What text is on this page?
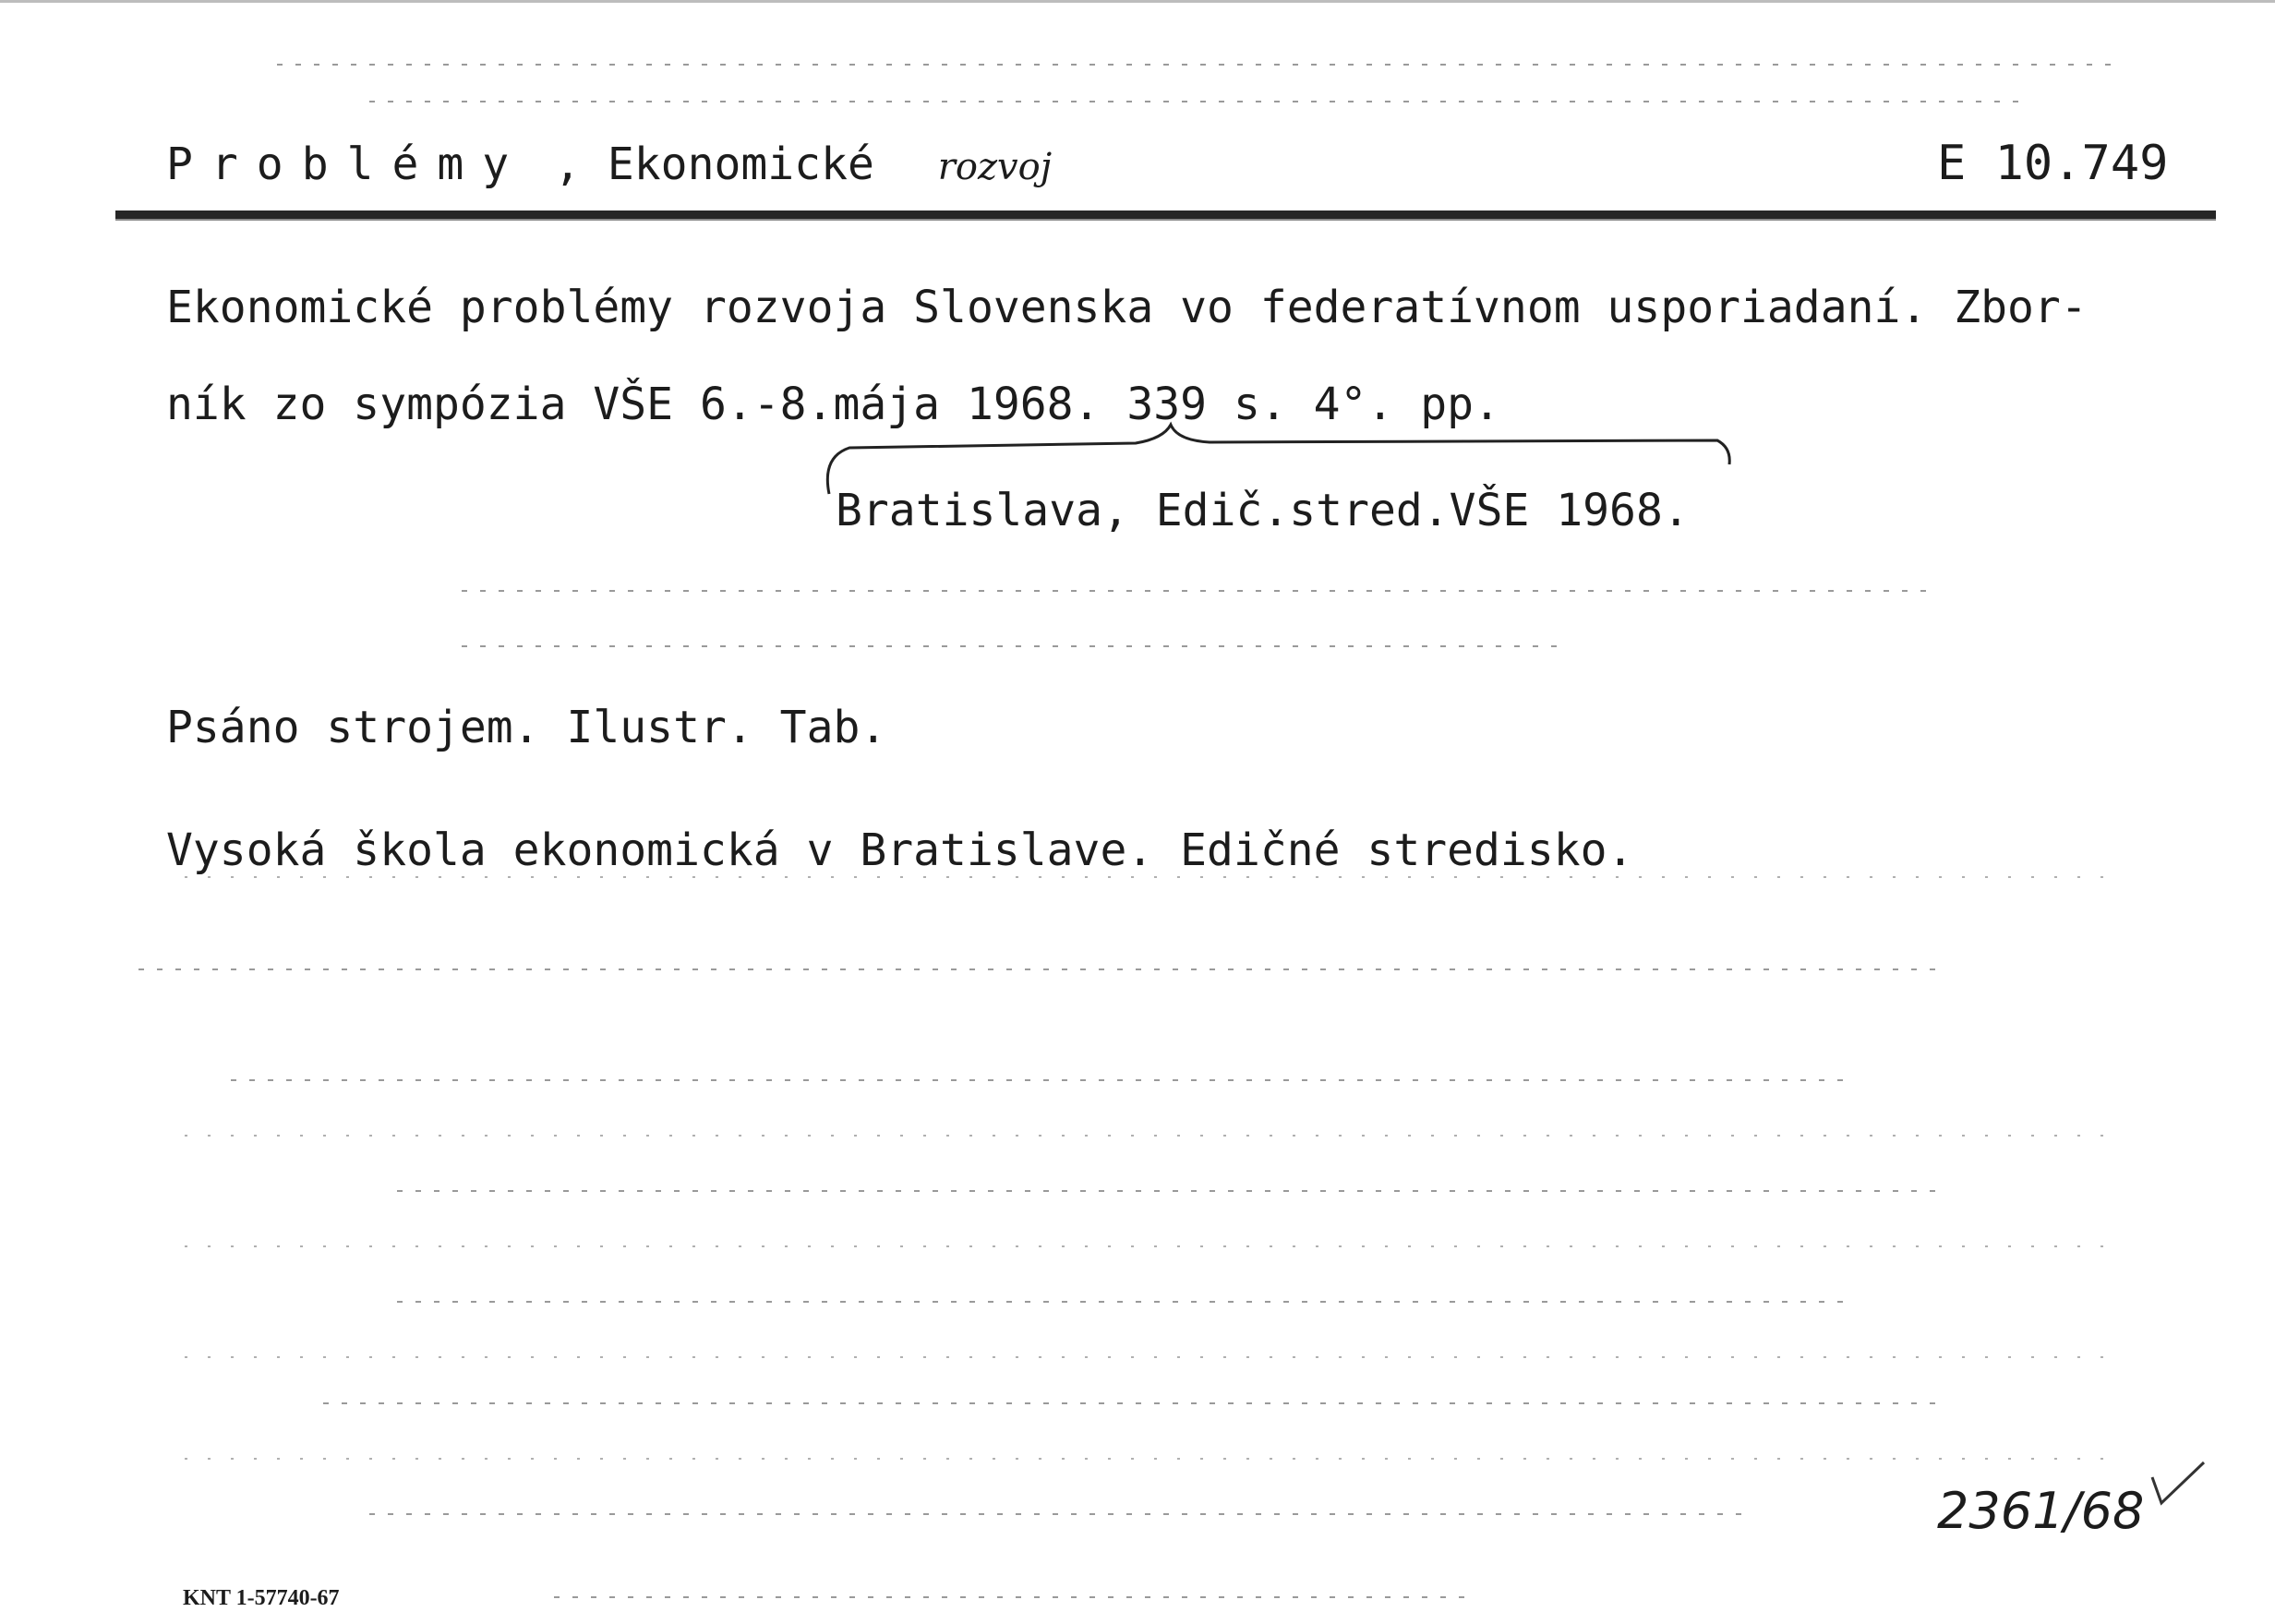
Problémy , Ekonomické rozvoj	E 10.749
Ekonomické problémy rozvoja Slovenska vo federatívnom usporiadaní. Zbor-
ník zo sympózia VŠE 6.-8.mája 1968. 339 s. 4°. pp.
Bratislava, Edič.stred.VŠE 1968.
Psáno strojem. Ilustr. Tab.
Vysoká škola ekonomická v Bratislave. Edičné stredisko.
2361/68
KNT 1-57740-67
